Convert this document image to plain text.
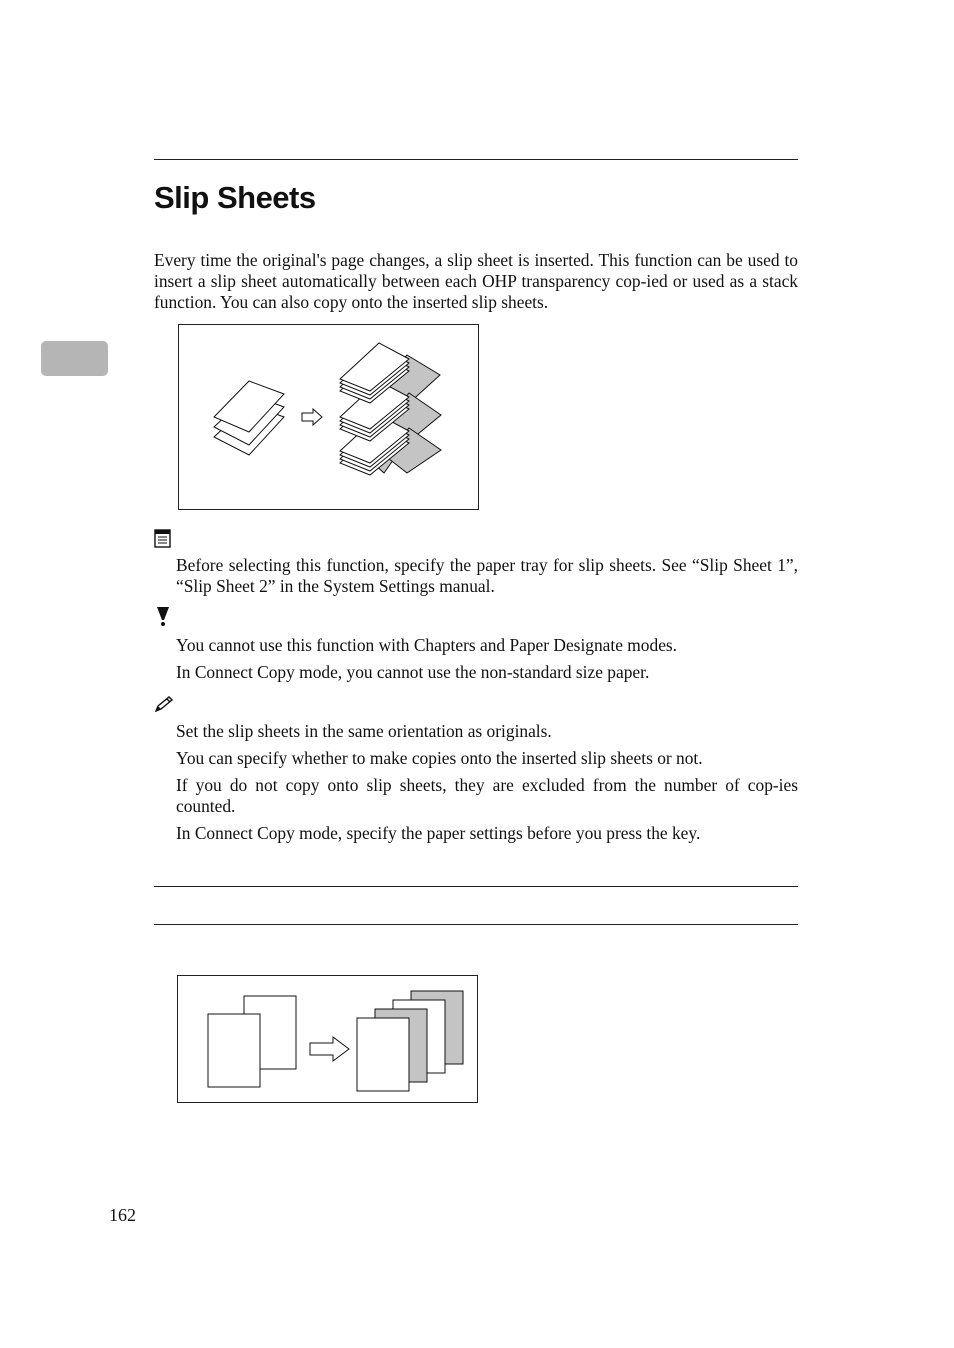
Slip Sheets

Every time the original's page changes, a slip sheet is inserted. This function can be used to insert a slip sheet automatically between each OHP transparency cop-ied or used as a stack function. You can also copy onto the inserted slip sheets.

Before selecting this function, specify the paper tray for slip sheets. See “Slip Sheet 1”, “Slip Sheet 2” in the System Settings manual.

You cannot use this function with Chapters and Paper Designate modes.

In Connect Copy mode, you cannot use the non-standard size paper.

Set the slip sheets in the same orientation as originals.

You can specify whether to make copies onto the inserted slip sheets or not.

If you do not copy onto slip sheets, they are excluded from the number of cop-ies counted.

In Connect Copy mode, specify the paper settings before you press the key.

162
